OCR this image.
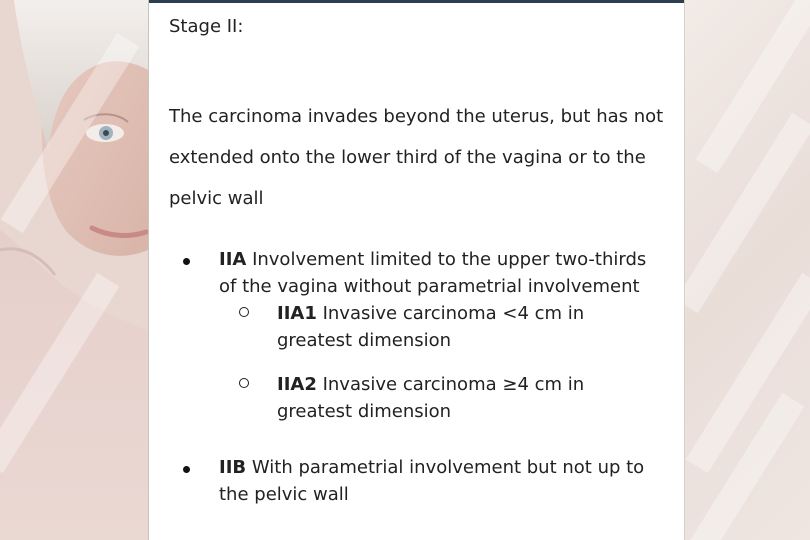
Stage II:
The carcinoma invades beyond the uterus, but has not extended onto the lower third of the vagina or to the pelvic wall
IIA Involvement limited to the upper two-thirds of the vagina without parametrial involvement
IIA1 Invasive carcinoma <4 cm in greatest dimension
IIA2 Invasive carcinoma ≥4 cm in greatest dimension
IIB With parametrial involvement but not up to the pelvic wall
